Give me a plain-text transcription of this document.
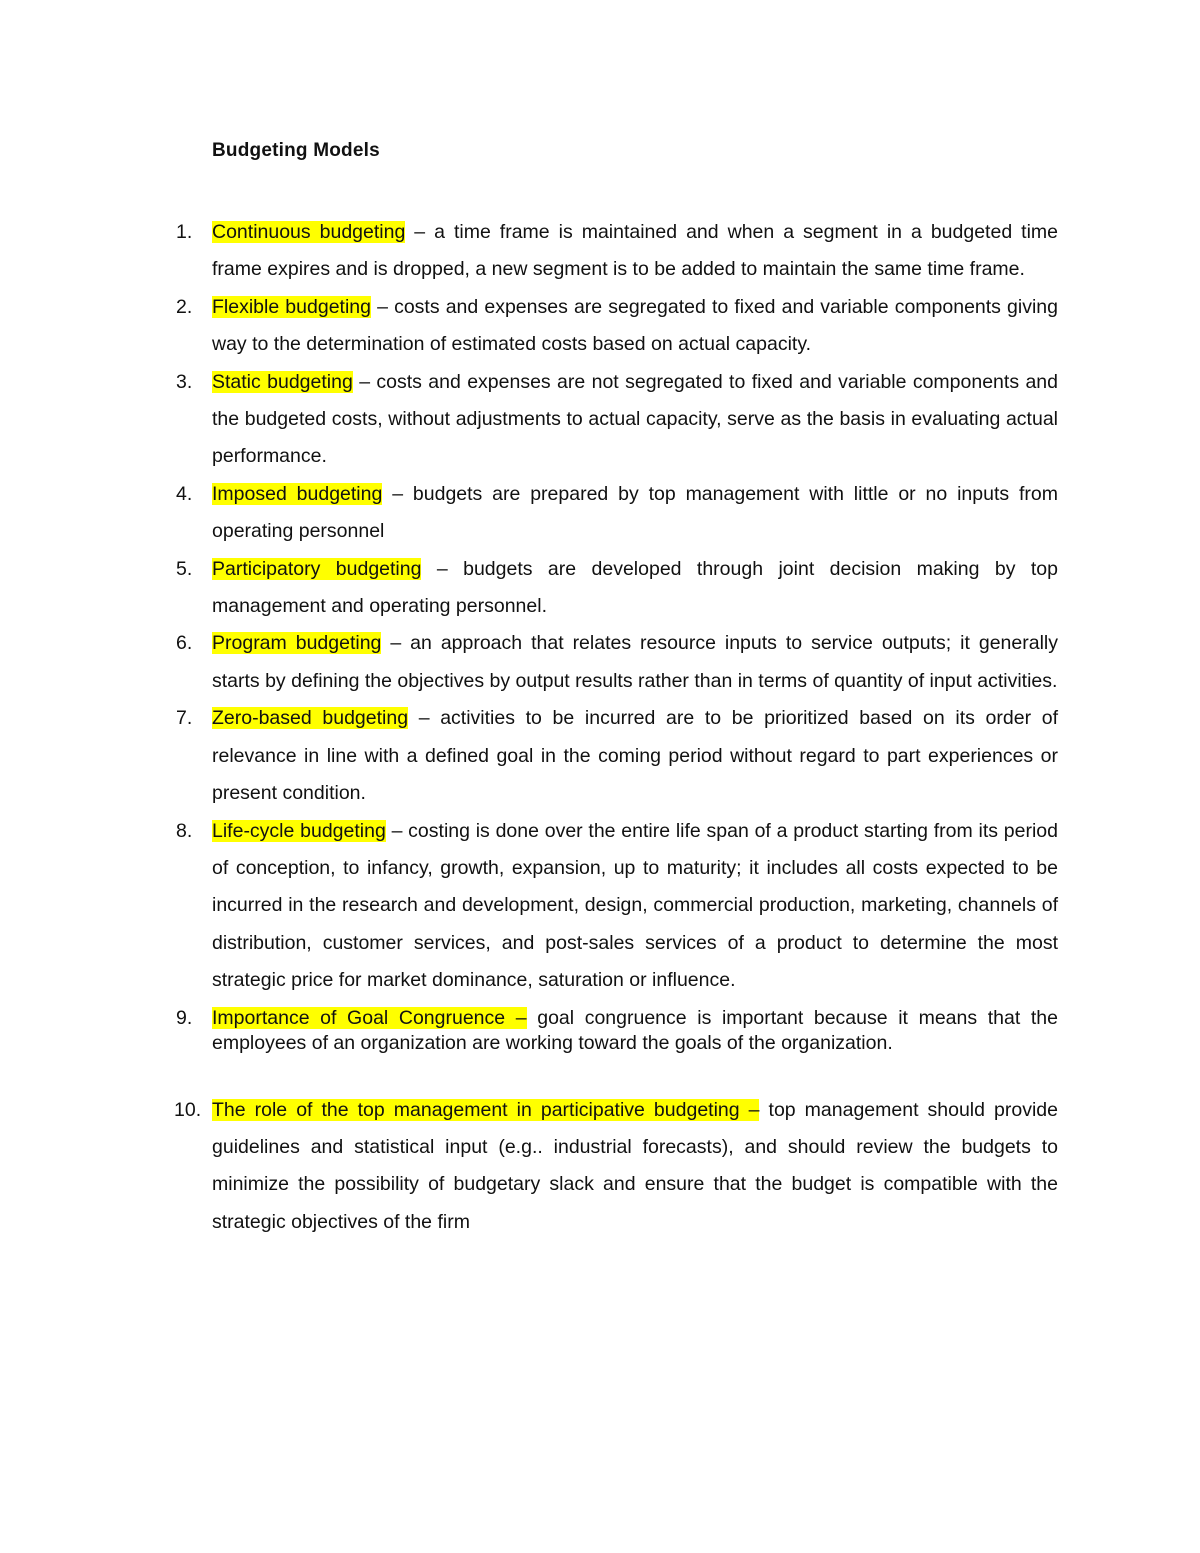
Budgeting Models
1. Continuous budgeting – a time frame is maintained and when a segment in a budgeted time frame expires and is dropped, a new segment is to be added to maintain the same time frame.
2. Flexible budgeting – costs and expenses are segregated to fixed and variable components giving way to the determination of estimated costs based on actual capacity.
3. Static budgeting – costs and expenses are not segregated to fixed and variable components and the budgeted costs, without adjustments to actual capacity, serve as the basis in evaluating actual performance.
4. Imposed budgeting – budgets are prepared by top management with little or no inputs from operating personnel
5. Participatory budgeting – budgets are developed through joint decision making by top management and operating personnel.
6. Program budgeting – an approach that relates resource inputs to service outputs; it generally starts by defining the objectives by output results rather than in terms of quantity of input activities.
7. Zero-based budgeting – activities to be incurred are to be prioritized based on its order of relevance in line with a defined goal in the coming period without regard to part experiences or present condition.
8. Life-cycle budgeting – costing is done over the entire life span of a product starting from its period of conception, to infancy, growth, expansion, up to maturity; it includes all costs expected to be incurred in the research and development, design, commercial production, marketing, channels of distribution, customer services, and post-sales services of a product to determine the most strategic price for market dominance, saturation or influence.
9. Importance of Goal Congruence – goal congruence is important because it means that the employees of an organization are working toward the goals of the organization.
10. The role of the top management in participative budgeting – top management should provide guidelines and statistical input (e.g.. industrial forecasts), and should review the budgets to minimize the possibility of budgetary slack and ensure that the budget is compatible with the strategic objectives of the firm
